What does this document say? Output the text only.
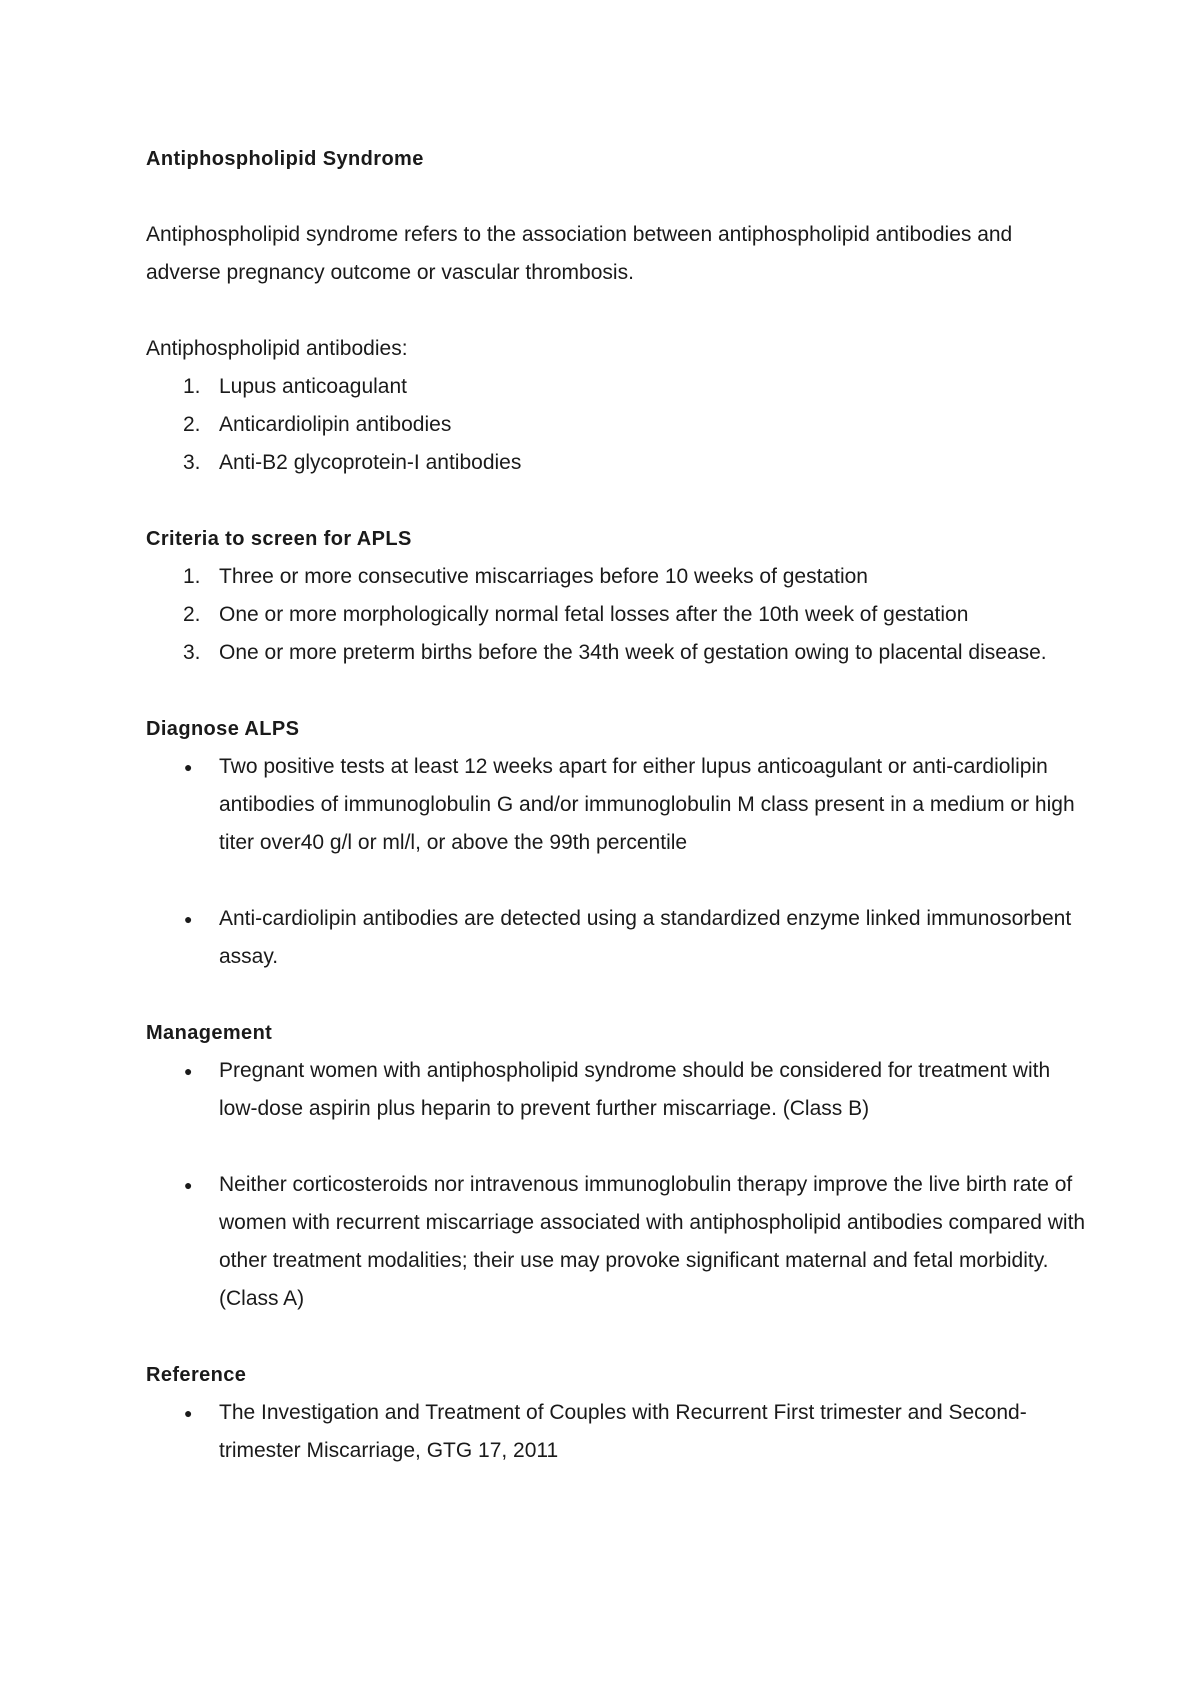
Antiphospholipid Syndrome

Antiphospholipid syndrome refers to the association between antiphospholipid antibodies and adverse pregnancy outcome or vascular thrombosis.

Antiphospholipid antibodies:

1. Lupus anticoagulant
2. Anticardiolipin antibodies
3. Anti-B2 glycoprotein-I antibodies

Criteria to screen for APLS

1. Three or more consecutive miscarriages before 10 weeks of gestation
2. One or more morphologically normal fetal losses after the 10th week of gestation
3. One or more preterm births before the 34th week of gestation owing to placental disease.

Diagnose ALPS

● Two positive tests at least 12 weeks apart for either lupus anticoagulant or anti-cardiolipin antibodies of immunoglobulin G and/or immunoglobulin M class present in a medium or high titer over40 g/l or ml/l, or above the 99th percentile
● Anti-cardiolipin antibodies are detected using a standardized enzyme linked immunosorbent assay.

Management

● Pregnant women with antiphospholipid syndrome should be considered for treatment with low-dose aspirin plus heparin to prevent further miscarriage. (Class B)
● Neither corticosteroids nor intravenous immunoglobulin therapy improve the live birth rate of women with recurrent miscarriage associated with antiphospholipid antibodies compared with other treatment modalities; their use may provoke significant maternal and fetal morbidity. (Class A)

Reference

● The Investigation and Treatment of Couples with Recurrent First trimester and Second-trimester Miscarriage, GTG 17, 2011
